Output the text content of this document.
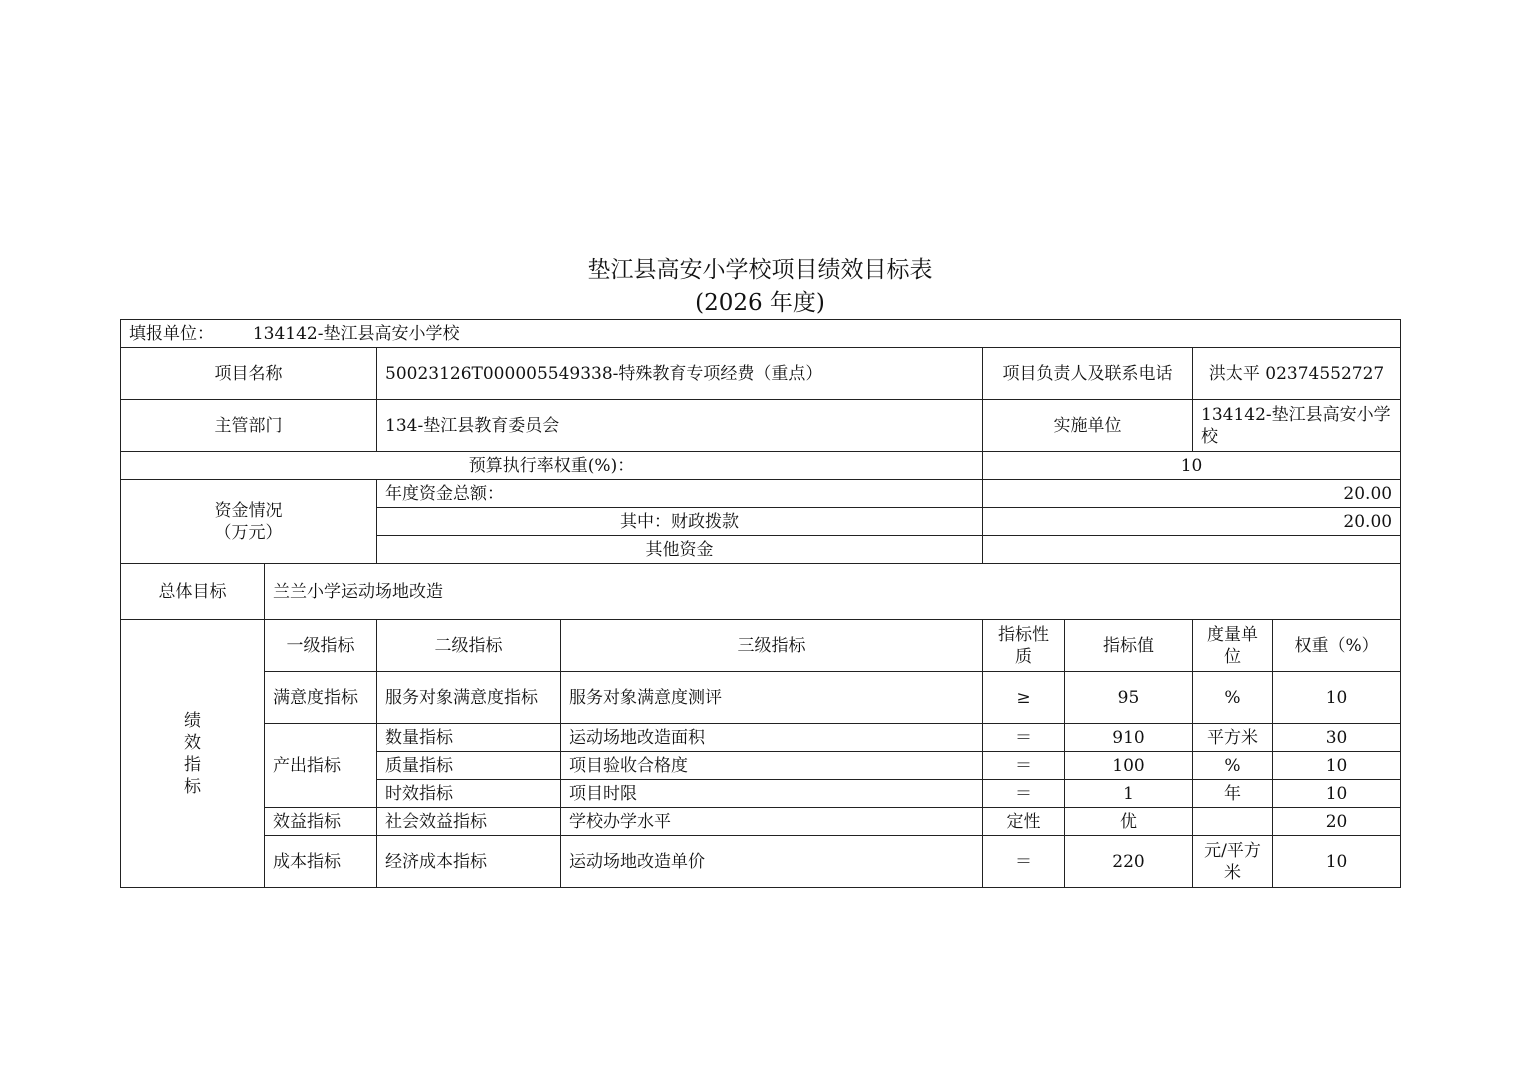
垫江县高安小学校项目绩效目标表
(2026 年度)
填报单位： 134142-垫江县高安小学校							
项目名称		50023126T000005549338-特殊教育专项经费（重点）		项目负责人及联系电话		洪太平 02374552727	
主管部门		134-垫江县教育委员会		实施单位		134142-垫江县高安小学校	
预算执行率权重(%)：				10			

资金情况
（万元）		年度资金总额：		20.00			
		其中：财政拨款		20.00			
		其他资金					
总体目标	兰兰小学运动场地改造						

绩
效
指
标	一级指标	二级指标	三级指标	指标性质	指标值	度量单位	权重（%）
	满意度指标	服务对象满意度指标	服务对象满意度测评	≥	95	%	10
	产出指标	数量指标	运动场地改造面积	＝	910	平方米	30
		质量指标	项目验收合格度	＝	100	%	10
		时效指标	项目时限	＝	1	年	10
	效益指标	社会效益指标	学校办学水平	定性	优		20
	成本指标	经济成本指标	运动场地改造单价	＝	220	元/平方米	10
